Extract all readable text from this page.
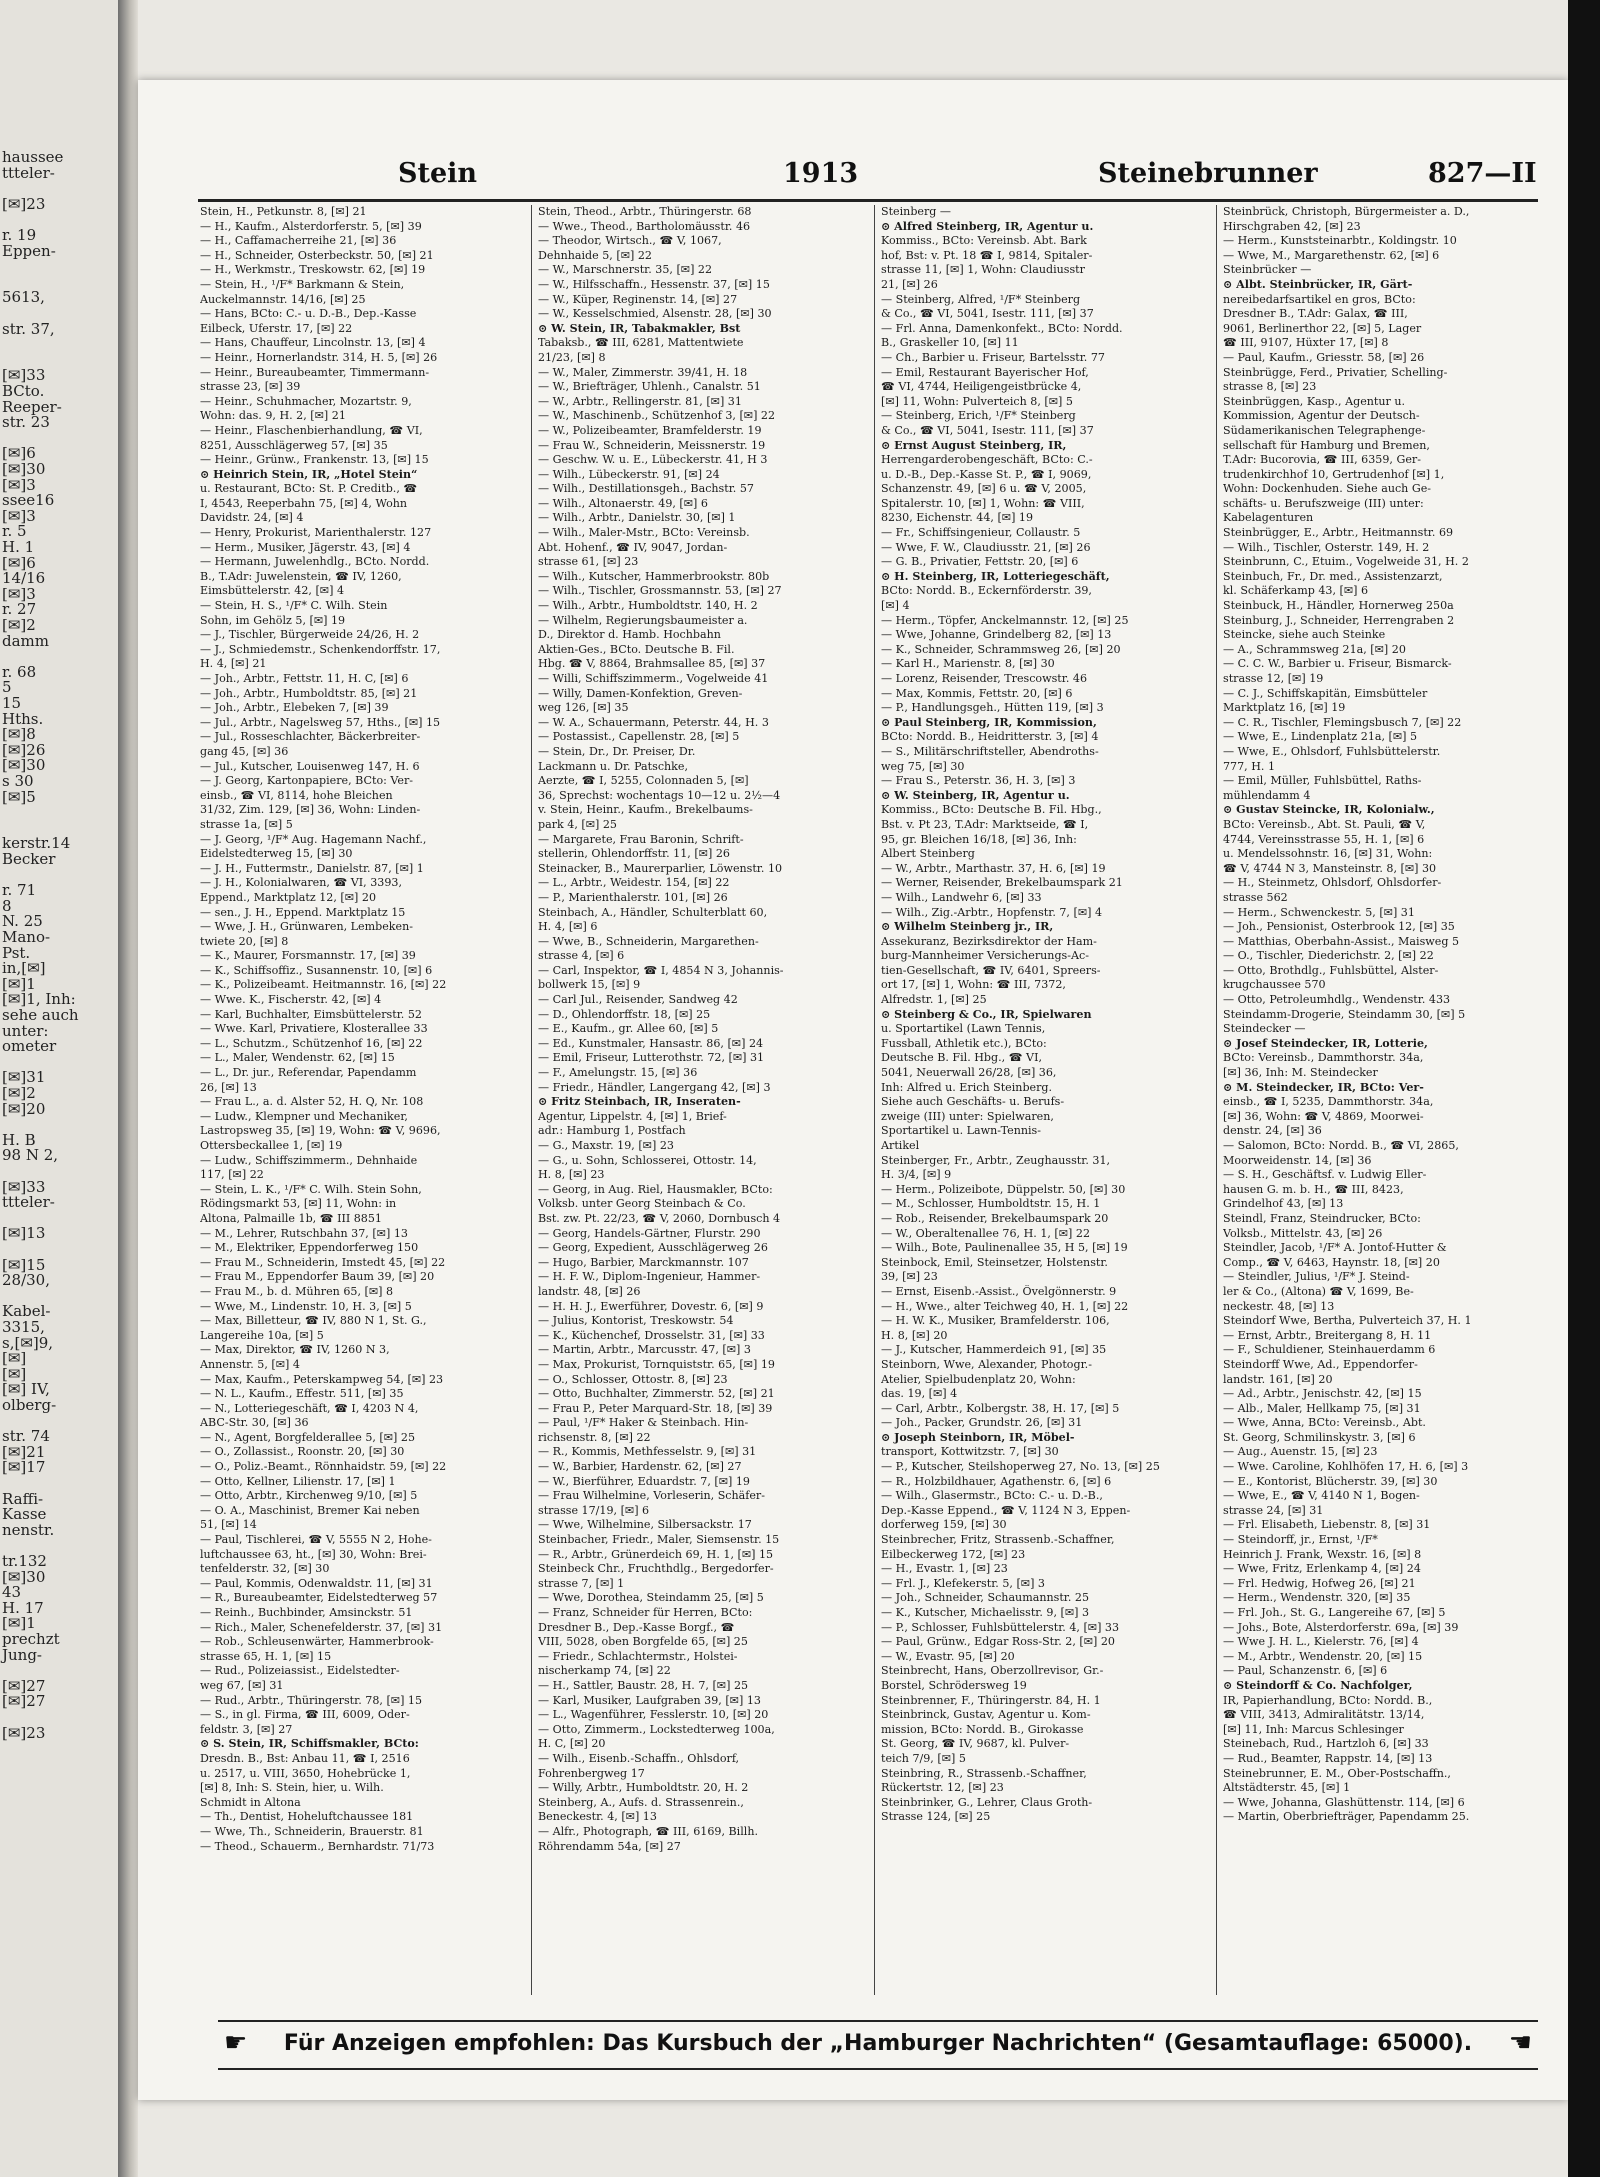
haussee
ttteler-
[✉]23
r. 19
Eppen-
5613,
str. 37,
[✉]33
BCto.
Reeper-
str. 23
[✉]6
[✉]30
[✉]3
ssee16
[✉]3
r. 5
H. 1
[✉]6
14/16
[✉]3
r. 27
[✉]2
damm
r. 68
5
15
Hths.
[✉]8
[✉]26
[✉]30
s 30
[✉]5
kerstr.14
Becker
r. 71
8
N. 25
Mano-
Pst.
in,[✉]
[✉]1
[✉]1, Inh:
sehe auch
unter:
ometer
[✉]31
[✉]2
[✉]20
H. B
98 N 2,
[✉]33
ttteler-
[✉]13
[✉]15
28/30,
Kabel-
3315,
s,[✉]9,
[✉]
[✉]
[✉] IV,
olberg-
str. 74
[✉]21
[✉]17
Raffi-
Kasse
nenstr.
tr.132
[✉]30
43
H. 17
[✉]1
prechzt
Jung-
[✉]27
[✉]27
[✉]23
Stein	1913	Steinebrunner	827—II
Stein, H., Petkunstr. 8, [✉] 21
— H., Kaufm., Alsterdorferstr. 5, [✉] 39
— H., Caffamacherreihe 21, [✉] 36
— H., Schneider, Osterbeckstr. 50, [✉] 21
— H., Werkmstr., Treskowstr. 62, [✉] 19
— Stein, H., ¹/F* Barkmann & Stein,
Auckelmannstr. 14/16, [✉] 25
— Hans, BCto: C.- u. D.-B., Dep.-Kasse
Eilbeck, Uferstr. 17, [✉] 22
— Hans, Chauffeur, Lincolnstr. 13, [✉] 4
— Heinr., Hornerlandstr. 314, H. 5, [✉] 26
— Heinr., Bureaubeamter, Timmermann-
strasse 23, [✉] 39
— Heinr., Schuhmacher, Mozartstr. 9,
Wohn: das. 9, H. 2, [✉] 21
— Heinr., Flaschenbierhandlung, ☎ VI,
8251, Ausschlägerweg 57, [✉] 35
— Heinr., Grünw., Frankenstr. 13, [✉] 15
⊙ Heinrich Stein, IR, „Hotel Stein“
u. Restaurant, BCto: St. P. Creditb., ☎
I, 4543, Reeperbahn 75, [✉] 4, Wohn
Davidstr. 24, [✉] 4
— Henry, Prokurist, Marienthalerstr. 127
— Herm., Musiker, Jägerstr. 43, [✉] 4
— Hermann, Juwelenhdlg., BCto. Nordd.
B., T.Adr: Juwelenstein, ☎ IV, 1260,
Eimsbüttelerstr. 42, [✉] 4
— Stein, H. S., ¹/F* C. Wilh. Stein
Sohn, im Gehölz 5, [✉] 19
— J., Tischler, Bürgerweide 24/26, H. 2
— J., Schmiedemstr., Schenkendorffstr. 17,
H. 4, [✉] 21
— Joh., Arbtr., Fettstr. 11, H. C, [✉] 6
— Joh., Arbtr., Humboldtstr. 85, [✉] 21
— Joh., Arbtr., Elebeken 7, [✉] 39
— Jul., Arbtr., Nagelsweg 57, Hths., [✉] 15
— Jul., Rosseschlachter, Bäckerbreiter-
gang 45, [✉] 36
— Jul., Kutscher, Louisenweg 147, H. 6
— J. Georg, Kartonpapiere, BCto: Ver-
einsb., ☎ VI, 8114, hohe Bleichen
31/32, Zim. 129, [✉] 36, Wohn: Linden-
strasse 1a, [✉] 5
— J. Georg, ¹/F* Aug. Hagemann Nachf.,
Eidelstedterweg 15, [✉] 30
— J. H., Futtermstr., Danielstr. 87, [✉] 1
— J. H., Kolonialwaren, ☎ VI, 3393,
Eppend., Marktplatz 12, [✉] 20
— sen., J. H., Eppend. Marktplatz 15
— Wwe, J. H., Grünwaren, Lembeken-
twiete 20, [✉] 8
— K., Maurer, Forsmannstr. 17, [✉] 39
— K., Schiffsoffiz., Susannenstr. 10, [✉] 6
— K., Polizeibeamt. Heitmannstr. 16, [✉] 22
— Wwe. K., Fischerstr. 42, [✉] 4
— Karl, Buchhalter, Eimsbüttelerstr. 52
— Wwe. Karl, Privatiere, Klosterallee 33
— L., Schutzm., Schützenhof 16, [✉] 22
— L., Maler, Wendenstr. 62, [✉] 15
— L., Dr. jur., Referendar, Papendamm
26, [✉] 13
— Frau L., a. d. Alster 52, H. Q, Nr. 108
— Ludw., Klempner und Mechaniker,
Lastropsweg 35, [✉] 19, Wohn: ☎ V, 9696,
Ottersbeckallee 1, [✉] 19
— Ludw., Schiffszimmerm., Dehnhaide
117, [✉] 22
— Stein, L. K., ¹/F* C. Wilh. Stein Sohn,
Rödingsmarkt 53, [✉] 11, Wohn: in
Altona, Palmaille 1b, ☎ III 8851
— M., Lehrer, Rutschbahn 37, [✉] 13
— M., Elektriker, Eppendorferweg 150
— Frau M., Schneiderin, Imstedt 45, [✉] 22
— Frau M., Eppendorfer Baum 39, [✉] 20
— Frau M., b. d. Mühren 65, [✉] 8
— Wwe, M., Lindenstr. 10, H. 3, [✉] 5
— Max, Billetteur, ☎ IV, 880 N 1, St. G.,
Langereihe 10a, [✉] 5
— Max, Direktor, ☎ IV, 1260 N 3,
Annenstr. 5, [✉] 4
— Max, Kaufm., Peterskampweg 54, [✉] 23
— N. L., Kaufm., Effestr. 511, [✉] 35
— N., Lotteriegeschäft, ☎ I, 4203 N 4,
ABC-Str. 30, [✉] 36
— N., Agent, Borgfelderallee 5, [✉] 25
— O., Zollassist., Roonstr. 20, [✉] 30
— O., Poliz.-Beamt., Rönnhaidstr. 59, [✉] 22
— Otto, Kellner, Lilienstr. 17, [✉] 1
— Otto, Arbtr., Kirchenweg 9/10, [✉] 5
— O. A., Maschinist, Bremer Kai neben
51, [✉] 14
— Paul, Tischlerei, ☎ V, 5555 N 2, Hohe-
luftchaussee 63, ht., [✉] 30, Wohn: Brei-
tenfelderstr. 32, [✉] 30
— Paul, Kommis, Odenwaldstr. 11, [✉] 31
— R., Bureaubeamter, Eidelstedterweg 57
— Reinh., Buchbinder, Amsinckstr. 51
— Rich., Maler, Schenefelderstr. 37, [✉] 31
— Rob., Schleusenwärter, Hammerbrook-
strasse 65, H. 1, [✉] 15
— Rud., Polizeiassist., Eidelstedter-
weg 67, [✉] 31
— Rud., Arbtr., Thüringerstr. 78, [✉] 15
— S., in gl. Firma, ☎ III, 6009, Oder-
feldstr. 3, [✉] 27
⊙ S. Stein, IR, Schiffsmakler, BCto:
Dresdn. B., Bst: Anbau 11, ☎ I, 2516
u. 2517, u. VIII, 3650, Hohebrücke 1,
[✉] 8, Inh: S. Stein, hier, u. Wilh.
Schmidt in Altona
— Th., Dentist, Hoheluftchaussee 181
— Wwe, Th., Schneiderin, Brauerstr. 81
— Theod., Schauerm., Bernhardstr. 71/73
Stein, Theod., Arbtr., Thüringerstr. 68
— Wwe., Theod., Bartholomäusstr. 46
— Theodor, Wirtsch., ☎ V, 1067,
Dehnhaide 5, [✉] 22
— W., Marschnerstr. 35, [✉] 22
— W., Hilfsschaffn., Hessenstr. 37, [✉] 15
— W., Küper, Reginenstr. 14, [✉] 27
— W., Kesselschmied, Alsenstr. 28, [✉] 30
⊙ W. Stein, IR, Tabakmakler, Bst
Tabaksb., ☎ III, 6281, Mattentwiete
21/23, [✉] 8
— W., Maler, Zimmerstr. 39/41, H. 18
— W., Briefträger, Uhlenh., Canalstr. 51
— W., Arbtr., Rellingerstr. 81, [✉] 31
— W., Maschinenb., Schützenhof 3, [✉] 22
— W., Polizeibeamter, Bramfelderstr. 19
— Frau W., Schneiderin, Meissnerstr. 19
— Geschw. W. u. E., Lübeckerstr. 41, H 3
— Wilh., Lübeckerstr. 91, [✉] 24
— Wilh., Destillationsgeh., Bachstr. 57
— Wilh., Altonaerstr. 49, [✉] 6
— Wilh., Arbtr., Danielstr. 30, [✉] 1
— Wilh., Maler-Mstr., BCto: Vereinsb.
Abt. Hohenf., ☎ IV, 9047, Jordan-
strasse 61, [✉] 23
— Wilh., Kutscher, Hammerbrookstr. 80b
— Wilh., Tischler, Grossmannstr. 53, [✉] 27
— Wilh., Arbtr., Humboldtstr. 140, H. 2
— Wilhelm, Regierungsbaumeister a.
D., Direktor d. Hamb. Hochbahn
Aktien-Ges., BCto. Deutsche B. Fil.
Hbg. ☎ V, 8864, Brahmsallee 85, [✉] 37
— Willi, Schiffszimmerm., Vogelweide 41
— Willy, Damen-Konfektion, Greven-
weg 126, [✉] 35
— W. A., Schauermann, Peterstr. 44, H. 3
— Postassist., Capellenstr. 28, [✉] 5
— Stein, Dr., Dr. Preiser, Dr.
Lackmann u. Dr. Patschke,
Aerzte, ☎ I, 5255, Colonnaden 5, [✉]
36, Sprechst: wochentags 10—12 u. 2½—4
v. Stein, Heinr., Kaufm., Brekelbaums-
park 4, [✉] 25
— Margarete, Frau Baronin, Schrift-
stellerin, Ohlendorffstr. 11, [✉] 26
Steinacker, B., Maurerparlier, Löwenstr. 10
— L., Arbtr., Weidestr. 154, [✉] 22
— P., Marienthalerstr. 101, [✉] 26
Steinbach, A., Händler, Schulterblatt 60,
H. 4, [✉] 6
— Wwe, B., Schneiderin, Margarethen-
strasse 4, [✉] 6
— Carl, Inspektor, ☎ I, 4854 N 3, Johannis-
bollwerk 15, [✉] 9
— Carl Jul., Reisender, Sandweg 42
— D., Ohlendorffstr. 18, [✉] 25
— E., Kaufm., gr. Allee 60, [✉] 5
— Ed., Kunstmaler, Hansastr. 86, [✉] 24
— Emil, Friseur, Lutterothstr. 72, [✉] 31
— F., Amelungstr. 15, [✉] 36
— Friedr., Händler, Langergang 42, [✉] 3
⊙ Fritz Steinbach, IR, Inseraten-
Agentur, Lippelstr. 4, [✉] 1, Brief-
adr.: Hamburg 1, Postfach
— G., Maxstr. 19, [✉] 23
— G., u. Sohn, Schlosserei, Ottostr. 14,
H. 8, [✉] 23
— Georg, in Aug. Riel, Hausmakler, BCto:
Volksb. unter Georg Steinbach & Co.
Bst. zw. Pt. 22/23, ☎ V, 2060, Dornbusch 4
— Georg, Handels-Gärtner, Flurstr. 290
— Georg, Expedient, Ausschlägerweg 26
— Hugo, Barbier, Marckmannstr. 107
— H. F. W., Diplom-Ingenieur, Hammer-
landstr. 48, [✉] 26
— H. H. J., Ewerführer, Dovestr. 6, [✉] 9
— Julius, Kontorist, Treskowstr. 54
— K., Küchenchef, Drosselstr. 31, [✉] 33
— Martin, Arbtr., Marcusstr. 47, [✉] 3
— Max, Prokurist, Tornquiststr. 65, [✉] 19
— O., Schlosser, Ottostr. 8, [✉] 23
— Otto, Buchhalter, Zimmerstr. 52, [✉] 21
— Frau P., Peter Marquard-Str. 18, [✉] 39
— Paul, ¹/F* Haker & Steinbach. Hin-
richsenstr. 8, [✉] 22
— R., Kommis, Methfesselstr. 9, [✉] 31
— W., Barbier, Hardenstr. 62, [✉] 27
— W., Bierführer, Eduardstr. 7, [✉] 19
— Frau Wilhelmine, Vorleserin, Schäfer-
strasse 17/19, [✉] 6
— Wwe, Wilhelmine, Silbersackstr. 17
Steinbacher, Friedr., Maler, Siemsenstr. 15
— R., Arbtr., Grünerdeich 69, H. 1, [✉] 15
Steinbeck Chr., Fruchthdlg., Bergedorfer-
strasse 7, [✉] 1
— Wwe, Dorothea, Steindamm 25, [✉] 5
— Franz, Schneider für Herren, BCto:
Dresdner B., Dep.-Kasse Borgf., ☎
VIII, 5028, oben Borgfelde 65, [✉] 25
— Friedr., Schlachtermstr., Holstei-
nischerkamp 74, [✉] 22
— H., Sattler, Baustr. 28, H. 7, [✉] 25
— Karl, Musiker, Laufgraben 39, [✉] 13
— L., Wagenführer, Fesslerstr. 10, [✉] 20
— Otto, Zimmerm., Lockstedterweg 100a,
H. C, [✉] 20
— Wilh., Eisenb.-Schaffn., Ohlsdorf,
Fohrenbergweg 17
— Willy, Arbtr., Humboldtstr. 20, H. 2
Steinberg, A., Aufs. d. Strassenrein.,
Beneckestr. 4, [✉] 13
— Alfr., Photograph, ☎ III, 6169, Billh.
Röhrendamm 54a, [✉] 27
Steinberg —
⊙ Alfred Steinberg, IR, Agentur u.
Kommiss., BCto: Vereinsb. Abt. Bark
hof, Bst: v. Pt. 18 ☎ I, 9814, Spitaler-
strasse 11, [✉] 1, Wohn: Claudiusstr
21, [✉] 26
— Steinberg, Alfred, ¹/F* Steinberg
& Co., ☎ VI, 5041, Isestr. 111, [✉] 37
— Frl. Anna, Damenkonfekt., BCto: Nordd.
B., Graskeller 10, [✉] 11
— Ch., Barbier u. Friseur, Bartelsstr. 77
— Emil, Restaurant Bayerischer Hof,
☎ VI, 4744, Heiligengeistbrücke 4,
[✉] 11, Wohn: Pulverteich 8, [✉] 5
— Steinberg, Erich, ¹/F* Steinberg
& Co., ☎ VI, 5041, Isestr. 111, [✉] 37
⊙ Ernst August Steinberg, IR,
Herrengarderobengeschäft, BCto: C.-
u. D.-B., Dep.-Kasse St. P., ☎ I, 9069,
Schanzenstr. 49, [✉] 6 u. ☎ V, 2005,
Spitalerstr. 10, [✉] 1, Wohn: ☎ VIII,
8230, Eichenstr. 44, [✉] 19
— Fr., Schiffsingenieur, Collaustr. 5
— Wwe, F. W., Claudiusstr. 21, [✉] 26
— G. B., Privatier, Fettstr. 20, [✉] 6
⊙ H. Steinberg, IR, Lotteriegeschäft,
BCto: Nordd. B., Eckernförderstr. 39,
[✉] 4
— Herm., Töpfer, Anckelmannstr. 12, [✉] 25
— Wwe, Johanne, Grindelberg 82, [✉] 13
— K., Schneider, Schrammsweg 26, [✉] 20
— Karl H., Marienstr. 8, [✉] 30
— Lorenz, Reisender, Trescowstr. 46
— Max, Kommis, Fettstr. 20, [✉] 6
— P., Handlungsgeh., Hütten 119, [✉] 3
⊙ Paul Steinberg, IR, Kommission,
BCto: Nordd. B., Heidritterstr. 3, [✉] 4
— S., Militärschriftsteller, Abendroths-
weg 75, [✉] 30
— Frau S., Peterstr. 36, H. 3, [✉] 3
⊙ W. Steinberg, IR, Agentur u.
Kommiss., BCto: Deutsche B. Fil. Hbg.,
Bst. v. Pt 23, T.Adr: Marktseide, ☎ I,
95, gr. Bleichen 16/18, [✉] 36, Inh:
Albert Steinberg
— W., Arbtr., Marthastr. 37, H. 6, [✉] 19
— Werner, Reisender, Brekelbaumspark 21
— Wilh., Landwehr 6, [✉] 33
— Wilh., Zig.-Arbtr., Hopfenstr. 7, [✉] 4
⊙ Wilhelm Steinberg jr., IR,
Assekuranz, Bezirksdirektor der Ham-
burg-Mannheimer Versicherungs-Ac-
tien-Gesellschaft, ☎ IV, 6401, Spreers-
ort 17, [✉] 1, Wohn: ☎ III, 7372,
Alfredstr. 1, [✉] 25
⊙ Steinberg & Co., IR, Spielwaren
u. Sportartikel (Lawn Tennis,
Fussball, Athletik etc.), BCto:
Deutsche B. Fil. Hbg., ☎ VI,
5041, Neuerwall 26/28, [✉] 36,
Inh: Alfred u. Erich Steinberg.
Siehe auch Geschäfts- u. Berufs-
zweige (III) unter: Spielwaren,
Sportartikel u. Lawn-Tennis-
Artikel
Steinberger, Fr., Arbtr., Zeughausstr. 31,
H. 3/4, [✉] 9
— Herm., Polizeibote, Düppelstr. 50, [✉] 30
— M., Schlosser, Humboldtstr. 15, H. 1
— Rob., Reisender, Brekelbaumspark 20
— W., Oberaltenallee 76, H. 1, [✉] 22
— Wilh., Bote, Paulinenallee 35, H 5, [✉] 19
Steinbock, Emil, Steinsetzer, Holstenstr.
39, [✉] 23
— Ernst, Eisenb.-Assist., Övelgönnerstr. 9
— H., Wwe., alter Teichweg 40, H. 1, [✉] 22
— H. W. K., Musiker, Bramfelderstr. 106,
H. 8, [✉] 20
— J., Kutscher, Hammerdeich 91, [✉] 35
Steinborn, Wwe, Alexander, Photogr.-
Atelier, Spielbudenplatz 20, Wohn:
das. 19, [✉] 4
— Carl, Arbtr., Kolbergstr. 38, H. 17, [✉] 5
— Joh., Packer, Grundstr. 26, [✉] 31
⊙ Joseph Steinborn, IR, Möbel-
transport, Kottwitzstr. 7, [✉] 30
— P., Kutscher, Steilshoperweg 27, No. 13, [✉] 25
— R., Holzbildhauer, Agathenstr. 6, [✉] 6
— Wilh., Glasermstr., BCto: C.- u. D.-B.,
Dep.-Kasse Eppend., ☎ V, 1124 N 3, Eppen-
dorferweg 159, [✉] 30
Steinbrecher, Fritz, Strassenb.-Schaffner,
Eilbeckerweg 172, [✉] 23
— H., Evastr. 1, [✉] 23
— Frl. J., Klefekerstr. 5, [✉] 3
— Joh., Schneider, Schaumannstr. 25
— K., Kutscher, Michaelisstr. 9, [✉] 3
— P., Schlosser, Fuhlsbüttelerstr. 4, [✉] 33
— Paul, Grünw., Edgar Ross-Str. 2, [✉] 20
— W., Evastr. 95, [✉] 20
Steinbrecht, Hans, Oberzollrevisor, Gr.-
Borstel, Schrödersweg 19
Steinbrenner, F., Thüringerstr. 84, H. 1
Steinbrinck, Gustav, Agentur u. Kom-
mission, BCto: Nordd. B., Girokasse
St. Georg, ☎ IV, 9687, kl. Pulver-
teich 7/9, [✉] 5
Steinbring, R., Strassenb.-Schaffner,
Rückertstr. 12, [✉] 23
Steinbrinker, G., Lehrer, Claus Groth-
Strasse 124, [✉] 25
Steinbrück, Christoph, Bürgermeister a. D.,
Hirschgraben 42, [✉] 23
— Herm., Kunststeinarbtr., Koldingstr. 10
— Wwe, M., Margarethenstr. 62, [✉] 6
Steinbrücker —
⊙ Albt. Steinbrücker, IR, Gärt-
nereibedarfsartikel en gros, BCto:
Dresdner B., T.Adr: Galax, ☎ III,
9061, Berlinerthor 22, [✉] 5, Lager
☎ III, 9107, Hüxter 17, [✉] 8
— Paul, Kaufm., Griesstr. 58, [✉] 26
Steinbrügge, Ferd., Privatier, Schelling-
strasse 8, [✉] 23
Steinbrüggen, Kasp., Agentur u.
Kommission, Agentur der Deutsch-
Südamerikanischen Telegraphenge-
sellschaft für Hamburg und Bremen,
T.Adr: Bucorovia, ☎ III, 6359, Ger-
trudenkirchhof 10, Gertrudenhof [✉] 1,
Wohn: Dockenhuden. Siehe auch Ge-
schäfts- u. Berufszweige (III) unter:
Kabelagenturen
Steinbrügger, E., Arbtr., Heitmannstr. 69
— Wilh., Tischler, Osterstr. 149, H. 2
Steinbrunn, C., Etuim., Vogelweide 31, H. 2
Steinbuch, Fr., Dr. med., Assistenzarzt,
kl. Schäferkamp 43, [✉] 6
Steinbuck, H., Händler, Hornerweg 250a
Steinburg, J., Schneider, Herrengraben 2
Steincke, siehe auch Steinke
— A., Schrammsweg 21a, [✉] 20
— C. C. W., Barbier u. Friseur, Bismarck-
strasse 12, [✉] 19
— C. J., Schiffskapitän, Eimsbütteler
Marktplatz 16, [✉] 19
— C. R., Tischler, Flemingsbusch 7, [✉] 22
— Wwe, E., Lindenplatz 21a, [✉] 5
— Wwe, E., Ohlsdorf, Fuhlsbüttelerstr.
777, H. 1
— Emil, Müller, Fuhlsbüttel, Raths-
mühlendamm 4
⊙ Gustav Steincke, IR, Kolonialw.,
BCto: Vereinsb., Abt. St. Pauli, ☎ V,
4744, Vereinsstrasse 55, H. 1, [✉] 6
u. Mendelssohnstr. 16, [✉] 31, Wohn:
☎ V, 4744 N 3, Mansteinstr. 8, [✉] 30
— H., Steinmetz, Ohlsdorf, Ohlsdorfer-
strasse 562
— Herm., Schwenckestr. 5, [✉] 31
— Joh., Pensionist, Osterbrook 12, [✉] 35
— Matthias, Oberbahn-Assist., Maisweg 5
— O., Tischler, Diederichstr. 2, [✉] 22
— Otto, Brothdlg., Fuhlsbüttel, Alster-
krugchaussee 570
— Otto, Petroleumhdlg., Wendenstr. 433
Steindamm-Drogerie, Steindamm 30, [✉] 5
Steindecker —
⊙ Josef Steindecker, IR, Lotterie,
BCto: Vereinsb., Dammthorstr. 34a,
[✉] 36, Inh: M. Steindecker
⊙ M. Steindecker, IR, BCto: Ver-
einsb., ☎ I, 5235, Dammthorstr. 34a,
[✉] 36, Wohn: ☎ V, 4869, Moorwei-
denstr. 24, [✉] 36
— Salomon, BCto: Nordd. B., ☎ VI, 2865,
Moorweidenstr. 14, [✉] 36
— S. H., Geschäftsf. v. Ludwig Eller-
hausen G. m. b. H., ☎ III, 8423,
Grindelhof 43, [✉] 13
Steindl, Franz, Steindrucker, BCto:
Volksb., Mittelstr. 43, [✉] 26
Steindler, Jacob, ¹/F* A. Jontof-Hutter &
Comp., ☎ V, 6463, Haynstr. 18, [✉] 20
— Steindler, Julius, ¹/F* J. Steind-
ler & Co., (Altona) ☎ V, 1699, Be-
neckestr. 48, [✉] 13
Steindorf Wwe, Bertha, Pulverteich 37, H. 1
— Ernst, Arbtr., Breitergang 8, H. 11
— F., Schuldiener, Steinhauerdamm 6
Steindorff Wwe, Ad., Eppendorfer-
landstr. 161, [✉] 20
— Ad., Arbtr., Jenischstr. 42, [✉] 15
— Alb., Maler, Hellkamp 75, [✉] 31
— Wwe, Anna, BCto: Vereinsb., Abt.
St. Georg, Schmilinskystr. 3, [✉] 6
— Aug., Auenstr. 15, [✉] 23
— Wwe. Caroline, Kohlhöfen 17, H. 6, [✉] 3
— E., Kontorist, Blücherstr. 39, [✉] 30
— Wwe, E., ☎ V, 4140 N 1, Bogen-
strasse 24, [✉] 31
— Frl. Elisabeth, Liebenstr. 8, [✉] 31
— Steindorff, jr., Ernst, ¹/F*
Heinrich J. Frank, Wexstr. 16, [✉] 8
— Wwe, Fritz, Erlenkamp 4, [✉] 24
— Frl. Hedwig, Hofweg 26, [✉] 21
— Herm., Wendenstr. 320, [✉] 35
— Frl. Joh., St. G., Langereihe 67, [✉] 5
— Johs., Bote, Alsterdorferstr. 69a, [✉] 39
— Wwe J. H. L., Kielerstr. 76, [✉] 4
— M., Arbtr., Wendenstr. 20, [✉] 15
— Paul, Schanzenstr. 6, [✉] 6
⊙ Steindorff & Co. Nachfolger,
IR, Papierhandlung, BCto: Nordd. B.,
☎ VIII, 3413, Admiralitätstr. 13/14,
[✉] 11, Inh: Marcus Schlesinger
Steinebach, Rud., Hartzloh 6, [✉] 33
— Rud., Beamter, Rappstr. 14, [✉] 13
Steinebrunner, E. M., Ober-Postschaffn.,
Altstädterstr. 45, [✉] 1
— Wwe, Johanna, Glashüttenstr. 114, [✉] 6
— Martin, Oberbriefträger, Papendamm 25.
☛	Für Anzeigen empfohlen: Das Kursbuch der „Hamburger Nachrichten“ (Gesamtauflage: 65000).	☚
